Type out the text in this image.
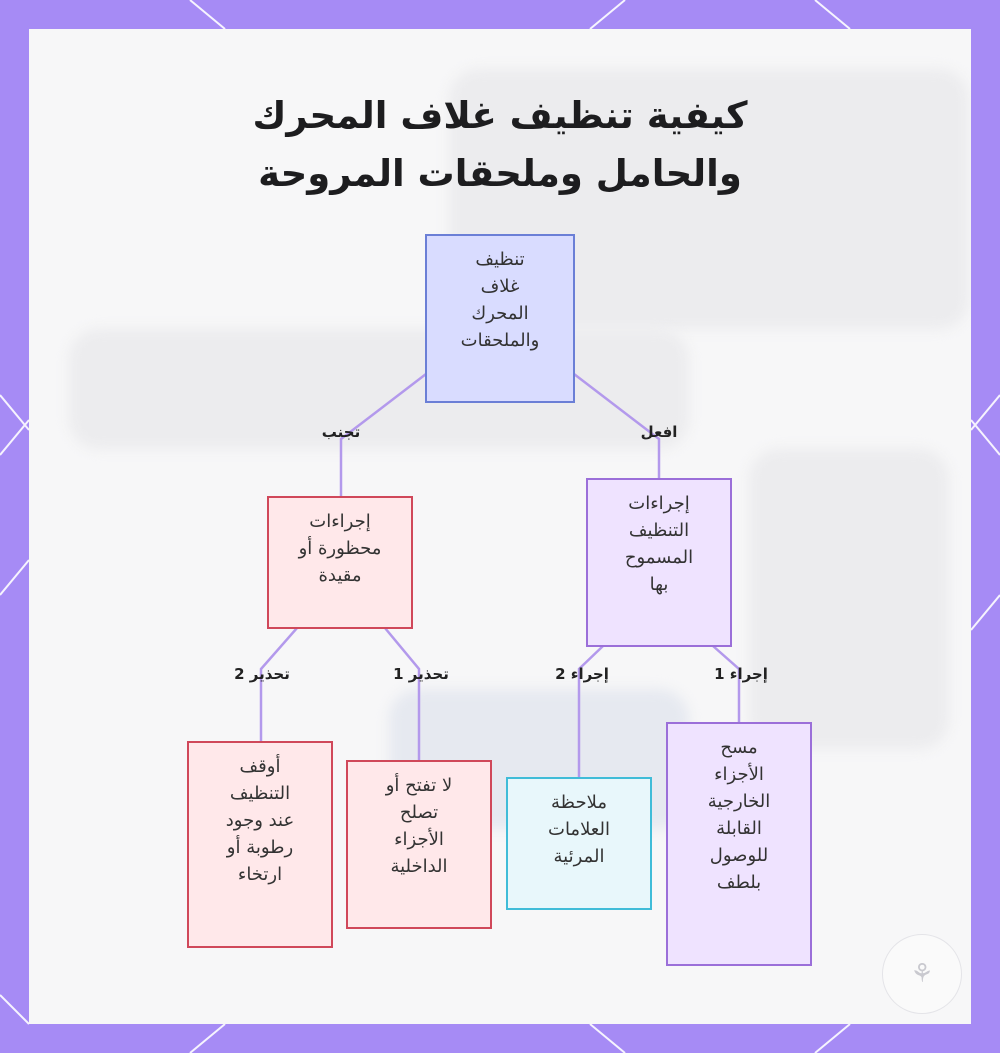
كيفية تنظيف غلاف المحرك
والحامل وملحقات المروحة
تجنب	افعل
إجراء 1
إجراء 2
تحذير 1
تحذير 2
تنظيف غلاف المحرك والملحقات
إجراءات التنظيف المسموح بها
إجراءات محظورة أو مقيدة
مسح الأجزاء الخارجية القابلة للوصول بلطف
ملاحظة العلامات المرئية
لا تفتح أو تصلح الأجزاء الداخلية
أوقف التنظيف عند وجود رطوبة أو ارتخاء
⚘
